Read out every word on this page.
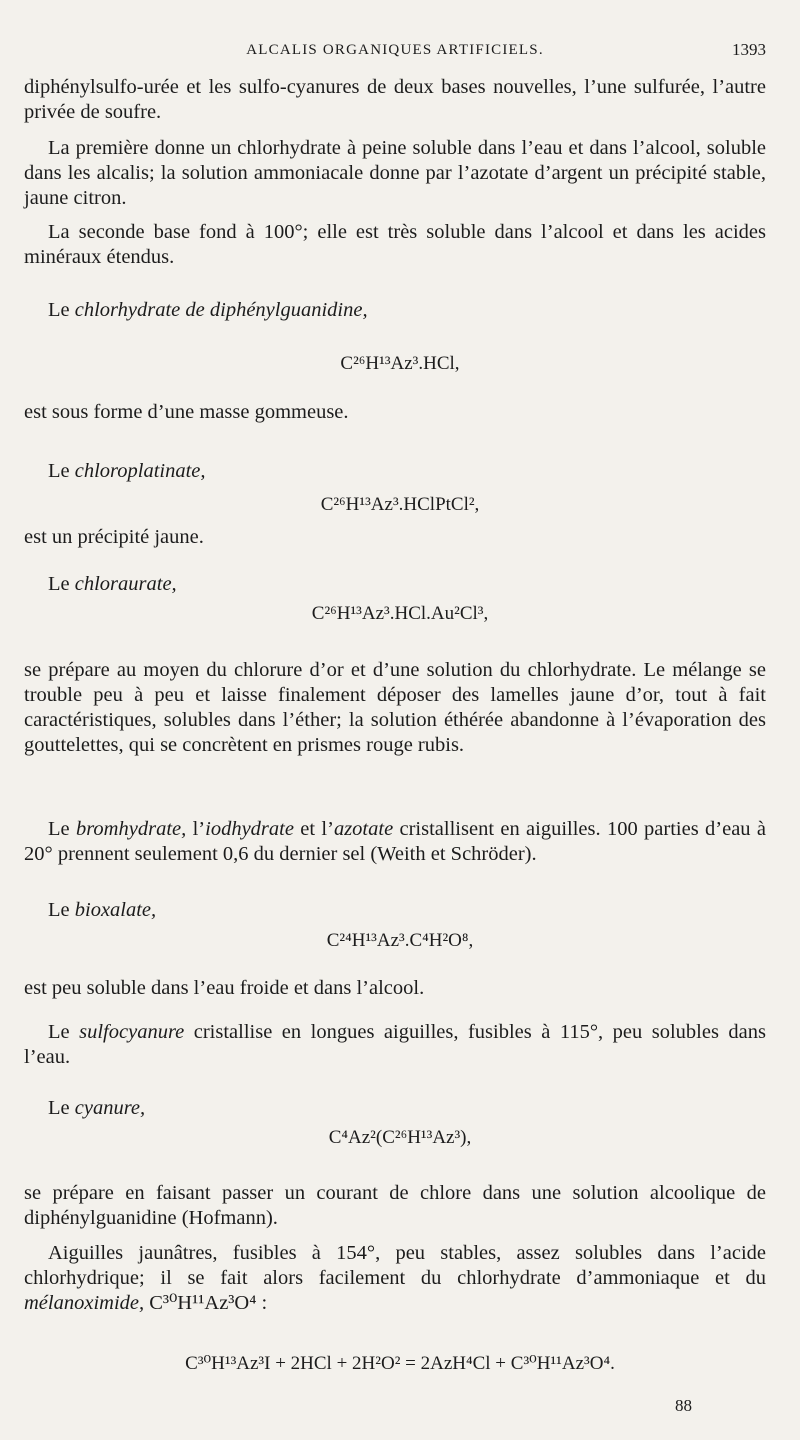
ALCALIS ORGANIQUES ARTIFICIELS.	1393
diphénylsulfo-urée et les sulfo-cyanures de deux bases nouvelles, l’une sulfurée, l’autre privée de soufre.
La première donne un chlorhydrate à peine soluble dans l’eau et dans l’alcool, soluble dans les alcalis; la solution ammoniacale donne par l’azotate d’argent un précipité stable, jaune citron.
La seconde base fond à 100°; elle est très soluble dans l’alcool et dans les acides minéraux étendus.
Le chlorhydrate de diphénylguanidine,
C²⁶H¹³Az³.HCl,
est sous forme d’une masse gommeuse.
Le chloroplatinate,
C²⁶H¹³Az³.HClPtCl²,
est un précipité jaune.
Le chloraurate,
C²⁶H¹³Az³.HCl.Au²Cl³,
se prépare au moyen du chlorure d’or et d’une solution du chlorhydrate. Le mélange se trouble peu à peu et laisse finalement déposer des lamelles jaune d’or, tout à fait caractéristiques, solubles dans l’éther; la solution éthérée abandonne à l’évaporation des gouttelettes, qui se concrètent en prismes rouge rubis.
Le bromhydrate, l’iodhydrate et l’azotate cristallisent en aiguilles. 100 parties d’eau à 20° prennent seulement 0,6 du dernier sel (Weith et Schröder).
Le bioxalate,
C²⁴H¹³Az³.C⁴H²O⁸,
est peu soluble dans l’eau froide et dans l’alcool.
Le sulfocyanure cristallise en longues aiguilles, fusibles à 115°, peu solubles dans l’eau.
Le cyanure,
C⁴Az²(C²⁶H¹³Az³),
se prépare en faisant passer un courant de chlore dans une solution alcoolique de diphénylguanidine (Hofmann).
Aiguilles jaunâtres, fusibles à 154°, peu stables, assez solubles dans l’acide chlorhydrique; il se fait alors facilement du chlorhydrate d’ammoniaque et du mélanoximide, C³⁰H¹¹Az³O⁴ :
C³⁰H¹³Az³I + 2HCl + 2H²O² = 2AzH⁴Cl + C³⁰H¹¹Az³O⁴.
88
